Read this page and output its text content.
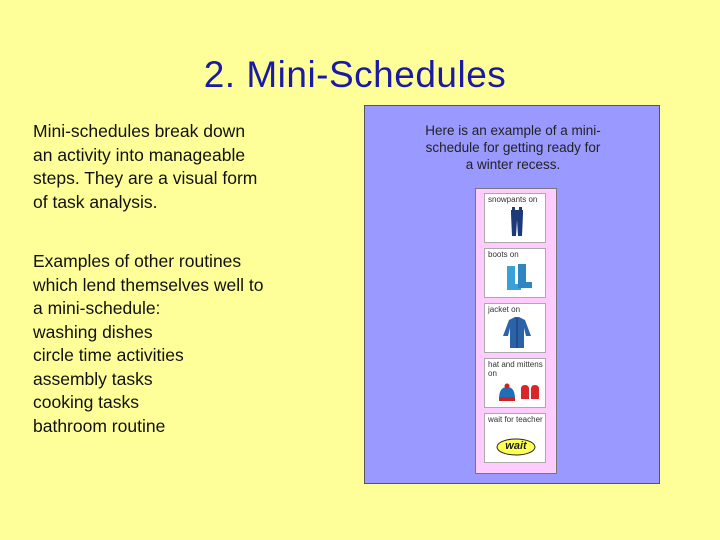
2. Mini-Schedules

Mini-schedules break down

an activity into manageable

steps. They are a visual form

of task analysis.

Examples of other routines

which lend themselves well to

a mini-schedule:

washing dishes

circle time activities

assembly tasks

cooking tasks

bathroom routine

Here is an example of a mini-
schedule for getting ready for
a winter recess.
snowpants on
boots on
jacket on
hat and mittens on
wait for teacher
wait
